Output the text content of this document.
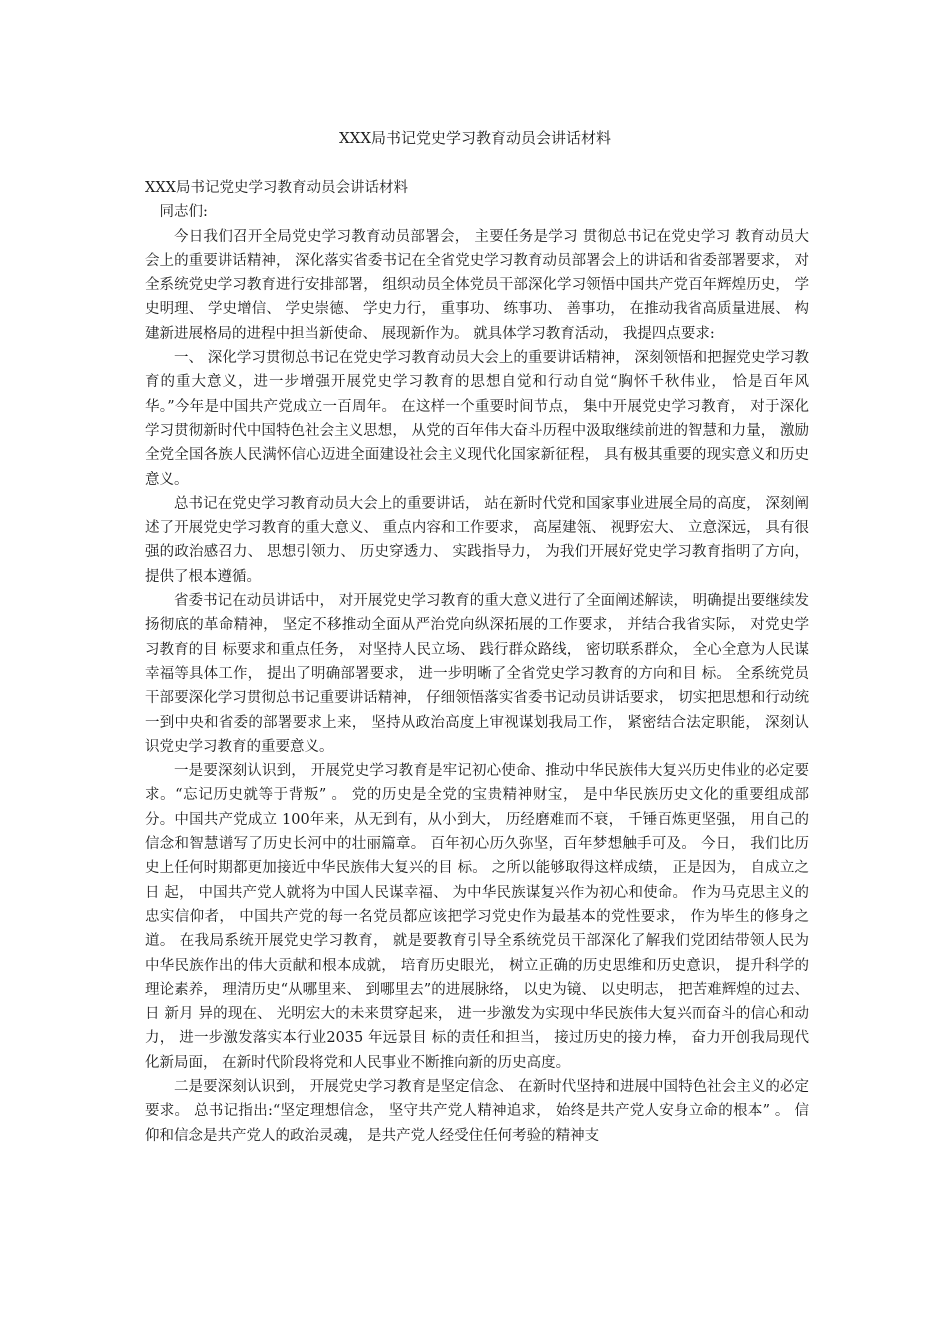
XXX局书记党史学习教育动员会讲话材料

XXX局书记党史学习教育动员会讲话材料

同志们:

今日我们召开全局党史学习教育动员部署会， 主要任务是学习 贯彻总书记在党史学习 教育动员大会上的重要讲话精神， 深化落实省委书记在全省党史学习教育动员部署会上的讲话和省委部署要求， 对全系统党史学习教育进行安排部署， 组织动员全体党员干部深化学习领悟中国共产党百年辉煌历史， 学史明理、 学史增信、 学史崇德、 学史力行， 重事功、 练事功、 善事功， 在推动我省高质量进展、 构建新进展格局的进程中担当新使命、 展现新作为。 就具体学习教育活动， 我提四点要求:

一、 深化学习贯彻总书记在党史学习教育动员大会上的重要讲话精神， 深刻领悟和把握党史学习教育的重大意义，进一步增强开展党史学习教育的思想自觉和行动自觉“胸怀千秋伟业， 恰是百年风华。”今年是中国共产党成立一百周年。 在这样一个重要时间节点， 集中开展党史学习教育， 对于深化学习贯彻新时代中国特色社会主义思想， 从党的百年伟大奋斗历程中汲取继续前进的智慧和力量， 激励全党全国各族人民满怀信心迈进全面建设社会主义现代化国家新征程， 具有极其重要的现实意义和历史意义。

总书记在党史学习教育动员大会上的重要讲话， 站在新时代党和国家事业进展全局的高度， 深刻阐述了开展党史学习教育的重大意义、 重点内容和工作要求， 高屋建瓴、 视野宏大、 立意深远， 具有很强的政治感召力、 思想引领力、 历史穿透力、 实践指导力， 为我们开展好党史学习教育指明了方向， 提供了根本遵循。

省委书记在动员讲话中， 对开展党史学习教育的重大意义进行了全面阐述解读， 明确提出要继续发扬彻底的革命精神， 坚定不移推动全面从严治党向纵深拓展的工作要求， 并结合我省实际， 对党史学习教育的目 标要求和重点任务， 对坚持人民立场、 践行群众路线， 密切联系群众， 全心全意为人民谋幸福等具体工作， 提出了明确部署要求， 进一步明晰了全省党史学习教育的方向和目 标。 全系统党员干部要深化学习贯彻总书记重要讲话精神， 仔细领悟落实省委书记动员讲话要求， 切实把思想和行动统一到中央和省委的部署要求上来， 坚持从政治高度上审视谋划我局工作， 紧密结合法定职能， 深刻认识党史学习教育的重要意义。

一是要深刻认识到， 开展党史学习教育是牢记初心使命、推动中华民族伟大复兴历史伟业的必定要求。“忘记历史就等于背叛” 。 党的历史是全党的宝贵精神财宝， 是中华民族历史文化的重要组成部分。中国共产党成立 100年来，从无到有，从小到大， 历经磨难而不衰， 千锤百炼更坚强， 用自己的信念和智慧谱写了历史长河中的壮丽篇章。 百年初心历久弥坚，百年梦想触手可及。 今日， 我们比历史上任何时期都更加接近中华民族伟大复兴的目 标。 之所以能够取得这样成绩， 正是因为， 自成立之日 起， 中国共产党人就将为中国人民谋幸福、 为中华民族谋复兴作为初心和使命。 作为马克思主义的忠实信仰者， 中国共产党的每一名党员都应该把学习党史作为最基本的党性要求， 作为毕生的修身之道。 在我局系统开展党史学习教育， 就是要教育引导全系统党员干部深化了解我们党团结带领人民为 中华民族作出的伟大贡献和根本成就， 培育历史眼光， 树立正确的历史思维和历史意识， 提升科学的理论素养， 理清历史“从哪里来、 到哪里去”的进展脉络， 以史为镜、 以史明志， 把苦难辉煌的过去、 日 新月 异的现在、 光明宏大的未来贯穿起来， 进一步激发为实现中华民族伟大复兴而奋斗的信心和动力， 进一步激发落实本行业2035 年远景目 标的责任和担当， 接过历史的接力棒， 奋力开创我局现代化新局面， 在新时代阶段将党和人民事业不断推向新的历史高度。

二是要深刻认识到， 开展党史学习教育是坚定信念、 在新时代坚持和进展中国特色社会主义的必定要求。 总书记指出:“坚定理想信念， 坚守共产党人精神追求， 始终是共产党人安身立命的根本” 。 信仰和信念是共产党人的政治灵魂， 是共产党人经受住任何考验的精神支
